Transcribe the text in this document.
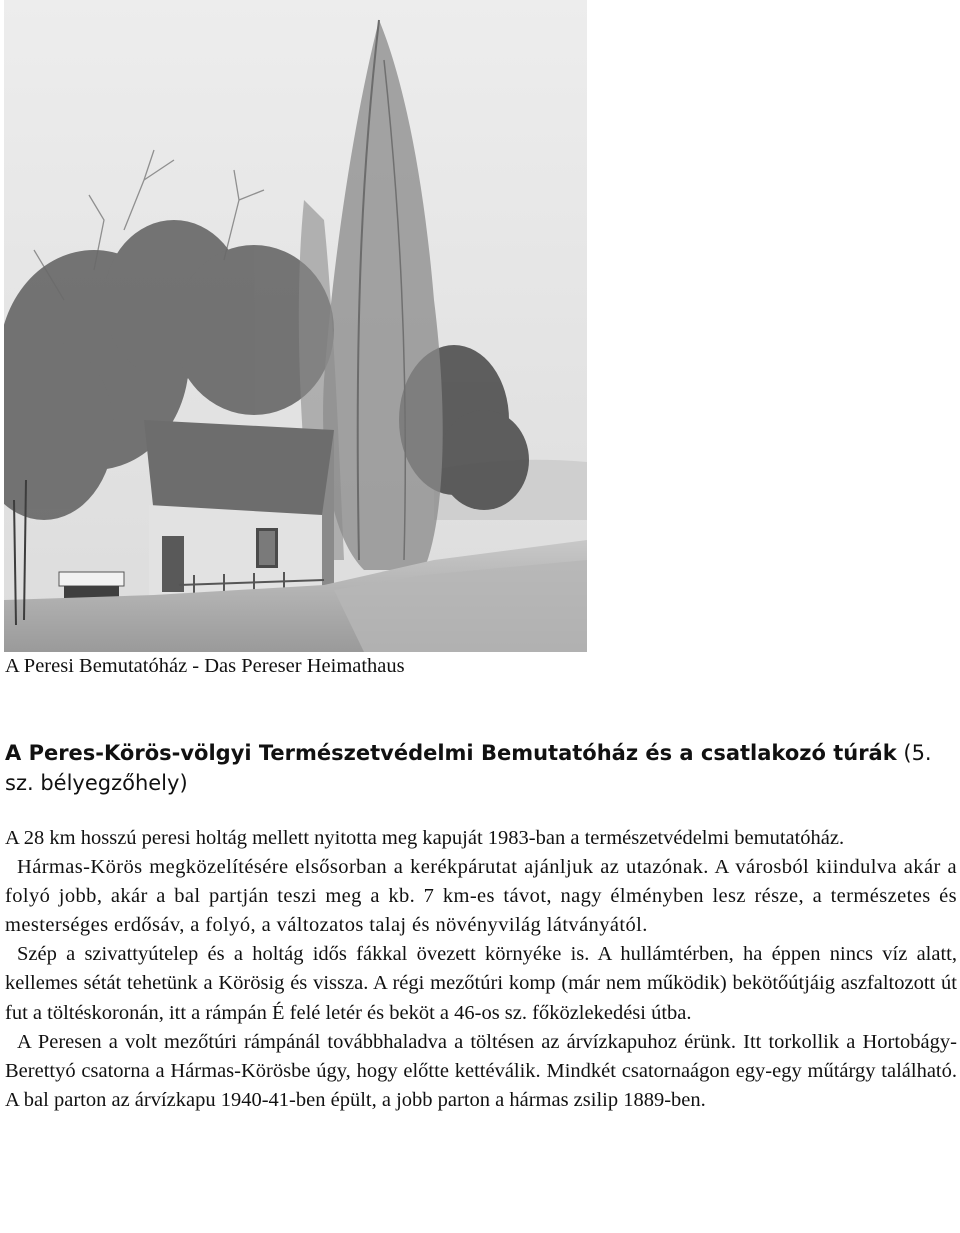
A Peresi Bemutatóház - Das Pereser Heimathaus
A Peres-Körös-völgyi Természetvédelmi Bemutatóház és a csatlakozó túrák (5. sz. bélyegzőhely)

A 28 km hosszú peresi holtág mellett nyitotta meg kapuját 1983-ban a természetvédelmi bemutatóház.

Hármas-Körös megközelítésére elsősorban a kerékpárutat ajánljuk az utazónak. A városból kiindulva akár a folyó jobb, akár a bal partján teszi meg a kb. 7 km-es távot, nagy élményben lesz része, a természetes és mesterséges erdősáv, a folyó, a változatos talaj és növényvilág látványától.

Szép a szivattyútelep és a holtág idős fákkal övezett környéke is. A hullámtérben, ha éppen nincs víz alatt, kellemes sétát tehetünk a Körösig és vissza. A régi mezőtúri komp (már nem működik) bekötőútjáig aszfaltozott út fut a töltéskoronán, itt a rámpán É felé letér és beköt a 46-os sz. főközlekedési útba.

A Peresen a volt mezőtúri rámpánál továbbhaladva a töltésen az árvízkapuhoz érünk. Itt torkollik a Hortobágy-Berettyó csatorna a Hármas-Körösbe úgy, hogy előtte kettéválik. Mindkét csatornaágon egy-egy műtárgy található. A bal parton az árvízkapu 1940-41-ben épült, a jobb parton a hármas zsilip 1889-ben.
